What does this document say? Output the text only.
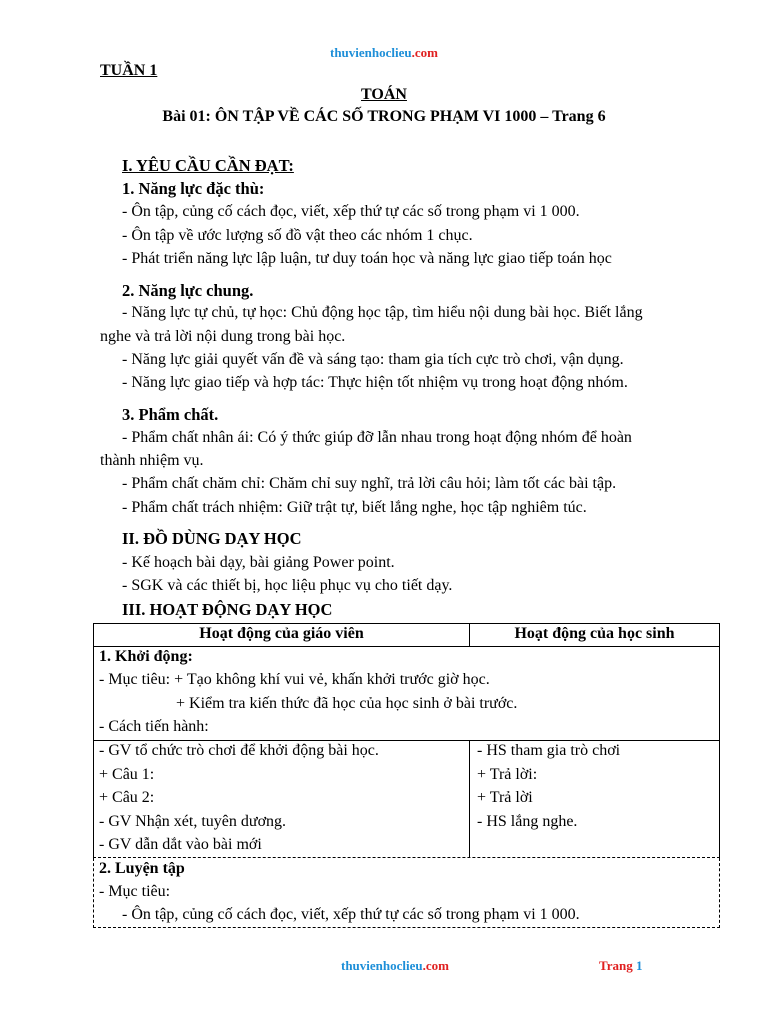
thuvienhoclieu.com
TUẦN 1
TOÁN
Bài 01: ÔN TẬP VỀ CÁC SỐ TRONG PHẠM VI 1000 – Trang 6
I. YÊU CẦU CẦN ĐẠT:
1. Năng lực đặc thù:
- Ôn tập, củng cố cách đọc, viết, xếp thứ tự các số trong phạm vi 1 000.
- Ôn tập về ước lượng số đồ vật theo các nhóm 1 chục.
- Phát triển năng lực lập luận, tư duy toán học và năng lực giao tiếp toán học
2. Năng lực chung.
- Năng lực tự chủ, tự học: Chủ động học tập, tìm hiểu nội dung bài học. Biết lắng
nghe và trả lời nội dung trong bài học.
- Năng lực giải quyết vấn đề và sáng tạo: tham gia tích cực trò chơi, vận dụng.
- Năng lực giao tiếp và hợp tác: Thực hiện tốt nhiệm vụ trong hoạt động nhóm.
3. Phẩm chất.
- Phẩm chất nhân ái: Có ý thức giúp đỡ lẫn nhau trong hoạt động nhóm để hoàn
thành nhiệm vụ.
- Phẩm chất chăm chỉ: Chăm chỉ suy nghĩ, trả lời câu hỏi; làm tốt các bài tập.
- Phẩm chất trách nhiệm: Giữ trật tự, biết lắng nghe, học tập nghiêm túc.
II. ĐỒ DÙNG DẠY HỌC
- Kế hoạch bài dạy, bài giảng Power point.
- SGK và các thiết bị, học liệu phục vụ cho tiết dạy.
III. HOẠT ĐỘNG DẠY HỌC
Hoạt động của giáo viên	Hoạt động của học sinh
1. Khởi động:
- Mục tiêu: + Tạo không khí vui vẻ, khấn khởi trước giờ học.
+ Kiểm tra kiến thức đã học của học sinh ở bài trước.
- Cách tiến hành:
- GV tổ chức trò chơi để khởi động bài học.
+ Câu 1:
+ Câu 2:
- GV Nhận xét, tuyên dương.
- GV dẫn dắt vào bài mới
- HS tham gia trò chơi
+ Trả lời:
+ Trả lời
- HS lắng nghe.
2. Luyện tập
- Mục tiêu:
- Ôn tập, củng cố cách đọc, viết, xếp thứ tự các số trong phạm vi 1 000.
thuvienhoclieu.com	Trang 1
